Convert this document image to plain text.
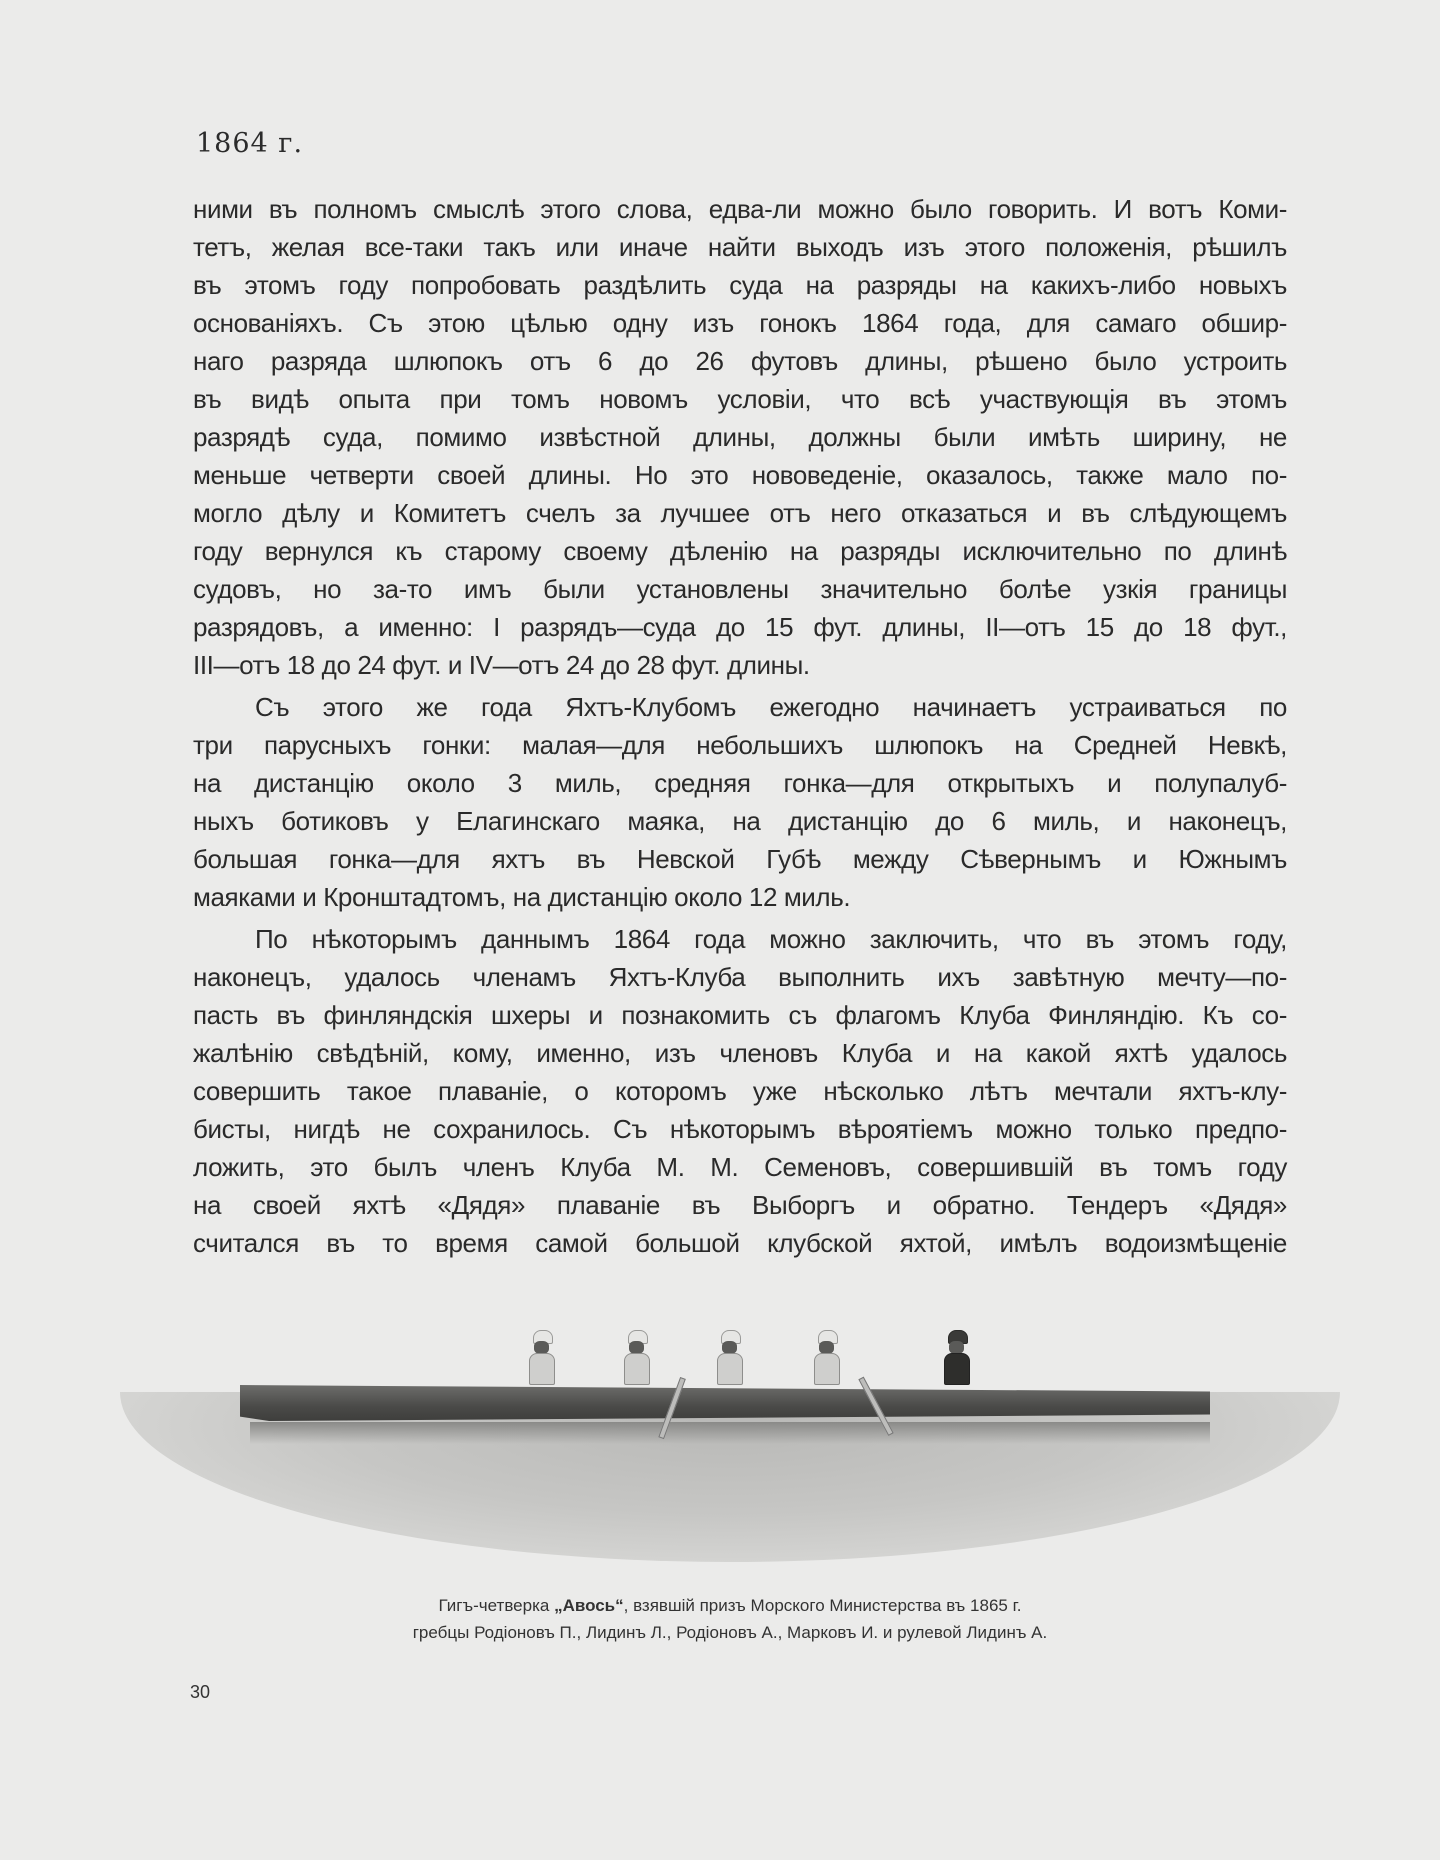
1864 г.
ними въ полномъ смыслѣ этого слова, едва-ли можно было говорить. И вотъ Коми-
тетъ, желая все-таки такъ или иначе найти выходъ изъ этого положенія, рѣшилъ
въ этомъ году попробовать раздѣлить суда на разряды на какихъ-либо новыхъ
основаніяхъ. Съ этою цѣлью одну изъ гонокъ 1864 года, для самаго обшир-
наго разряда шлюпокъ отъ 6 до 26 футовъ длины, рѣшено было устроить
въ видѣ опыта при томъ новомъ условіи, что всѣ участвующія въ этомъ
разрядѣ суда, помимо извѣстной длины, должны были имѣть ширину, не
меньше четверти своей длины. Но это нововеденіе, оказалось, также мало по-
могло дѣлу и Комитетъ счелъ за лучшее отъ него отказаться и въ слѣдующемъ
году вернулся къ старому своему дѣленію на разряды исключительно по длинѣ
судовъ, но за-то имъ были установлены значительно болѣе узкія границы
разрядовъ, а именно: I разрядъ—суда до 15 фут. длины, II—отъ 15 до 18 фут.,
III—отъ 18 до 24 фут. и IV—отъ 24 до 28 фут. длины.
Съ этого же года Яхтъ-Клубомъ ежегодно начинаетъ устраиваться по
три парусныхъ гонки: малая—для небольшихъ шлюпокъ на Средней Невкѣ,
на дистанцію около 3 миль, средняя гонка—для открытыхъ и полупалуб-
ныхъ ботиковъ у Елагинскаго маяка, на дистанцію до 6 миль, и наконецъ,
большая гонка—для яхтъ въ Невской Губѣ между Сѣвернымъ и Южнымъ
маяками и Кронштадтомъ, на дистанцію около 12 миль.
По нѣкоторымъ даннымъ 1864 года можно заключить, что въ этомъ году,
наконецъ, удалось членамъ Яхтъ-Клуба выполнить ихъ завѣтную мечту—по-
пасть въ финляндскія шхеры и познакомить съ флагомъ Клуба Финляндію. Къ со-
жалѣнію свѣдѣній, кому, именно, изъ членовъ Клуба и на какой яхтѣ удалось
совершить такое плаваніе, о которомъ уже нѣсколько лѣтъ мечтали яхтъ-клу-
бисты, нигдѣ не сохранилось. Съ нѣкоторымъ вѣроятіемъ можно только предпо-
ложить, это былъ членъ Клуба М. М. Семеновъ, совершившій въ томъ году
на своей яхтѣ «Дядя» плаваніе въ Выборгъ и обратно. Тендеръ «Дядя»
считался въ то время самой большой клубской яхтой, имѣлъ водоизмѣщеніе
Гигъ-четверка „Авось“, взявшій призъ Морского Министерства въ 1865 г.
гребцы Родіоновъ П., Лидинъ Л., Родіоновъ А., Марковъ И. и рулевой Лидинъ А.
30
